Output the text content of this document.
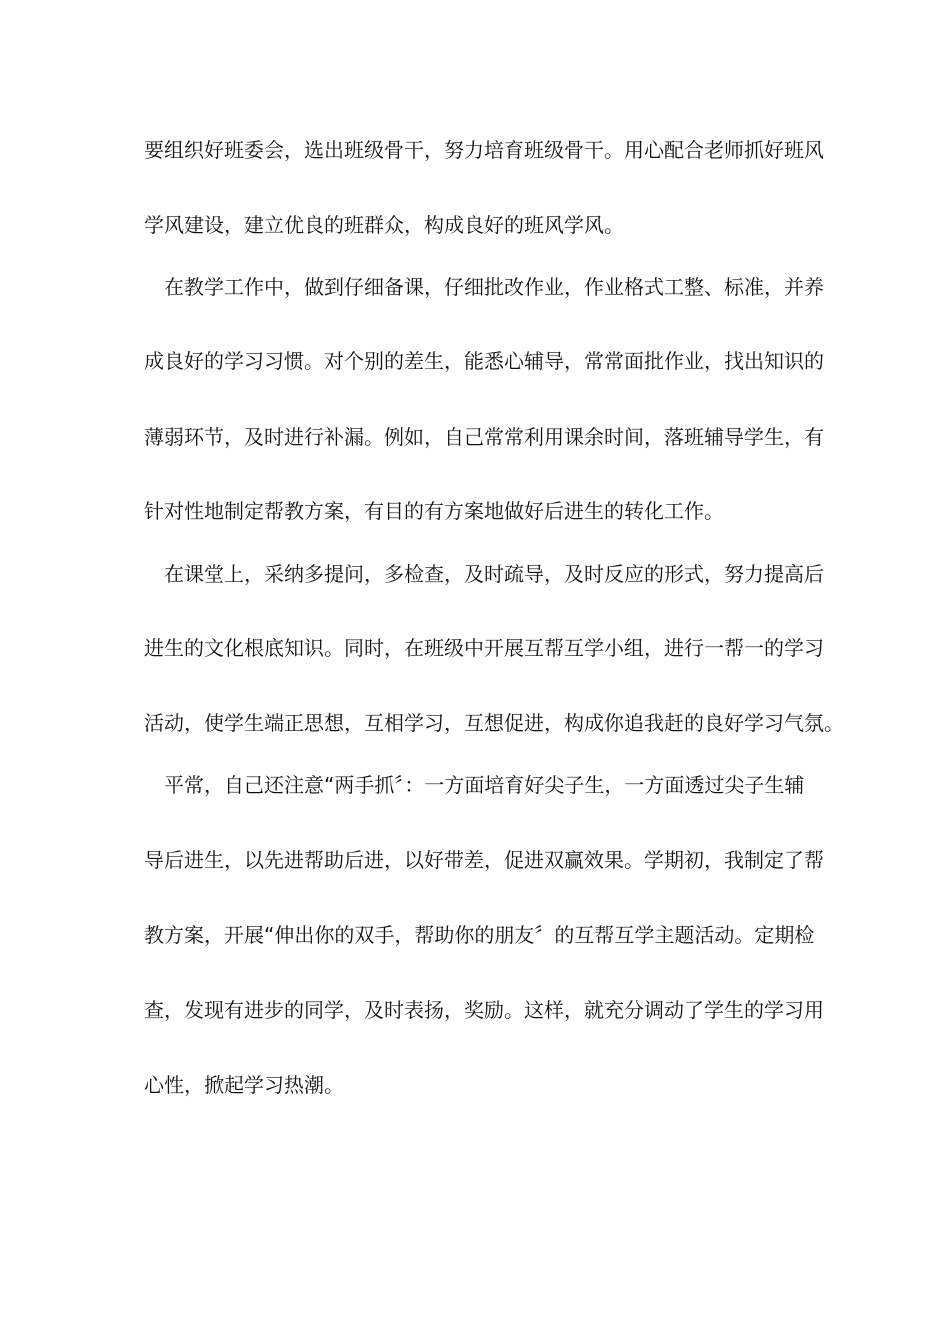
要组织好班委会，选出班级骨干，努力培育班级骨干。用心配合老师抓好班风
学风建设，建立优良的班群众，构成良好的班风学风。
在教学工作中，做到仔细备课，仔细批改作业，作业格式工整、标准，并养
成良好的学习习惯。对个别的差生，能悉心辅导，常常面批作业，找出知识的
薄弱环节，及时进行补漏。例如，自己常常利用课余时间，落班辅导学生，有
针对性地制定帮教方案，有目的有方案地做好后进生的转化工作。
在课堂上，采纳多提问，多检查，及时疏导，及时反应的形式，努力提高后
进生的文化根底知识。同时，在班级中开展互帮互学小组，进行一帮一的学习
活动，使学生端正思想，互相学习，互想促进，构成你追我赶的良好学习气氛。
平常，自己还注意“两手抓〞：一方面培育好尖子生，一方面透过尖子生辅
导后进生，以先进帮助后进，以好带差，促进双赢效果。学期初，我制定了帮
教方案，开展“伸出你的双手，帮助你的朋友〞的互帮互学主题活动。定期检
查，发现有进步的同学，及时表扬，奖励。这样，就充分调动了学生的学习用
心性，掀起学习热潮。
